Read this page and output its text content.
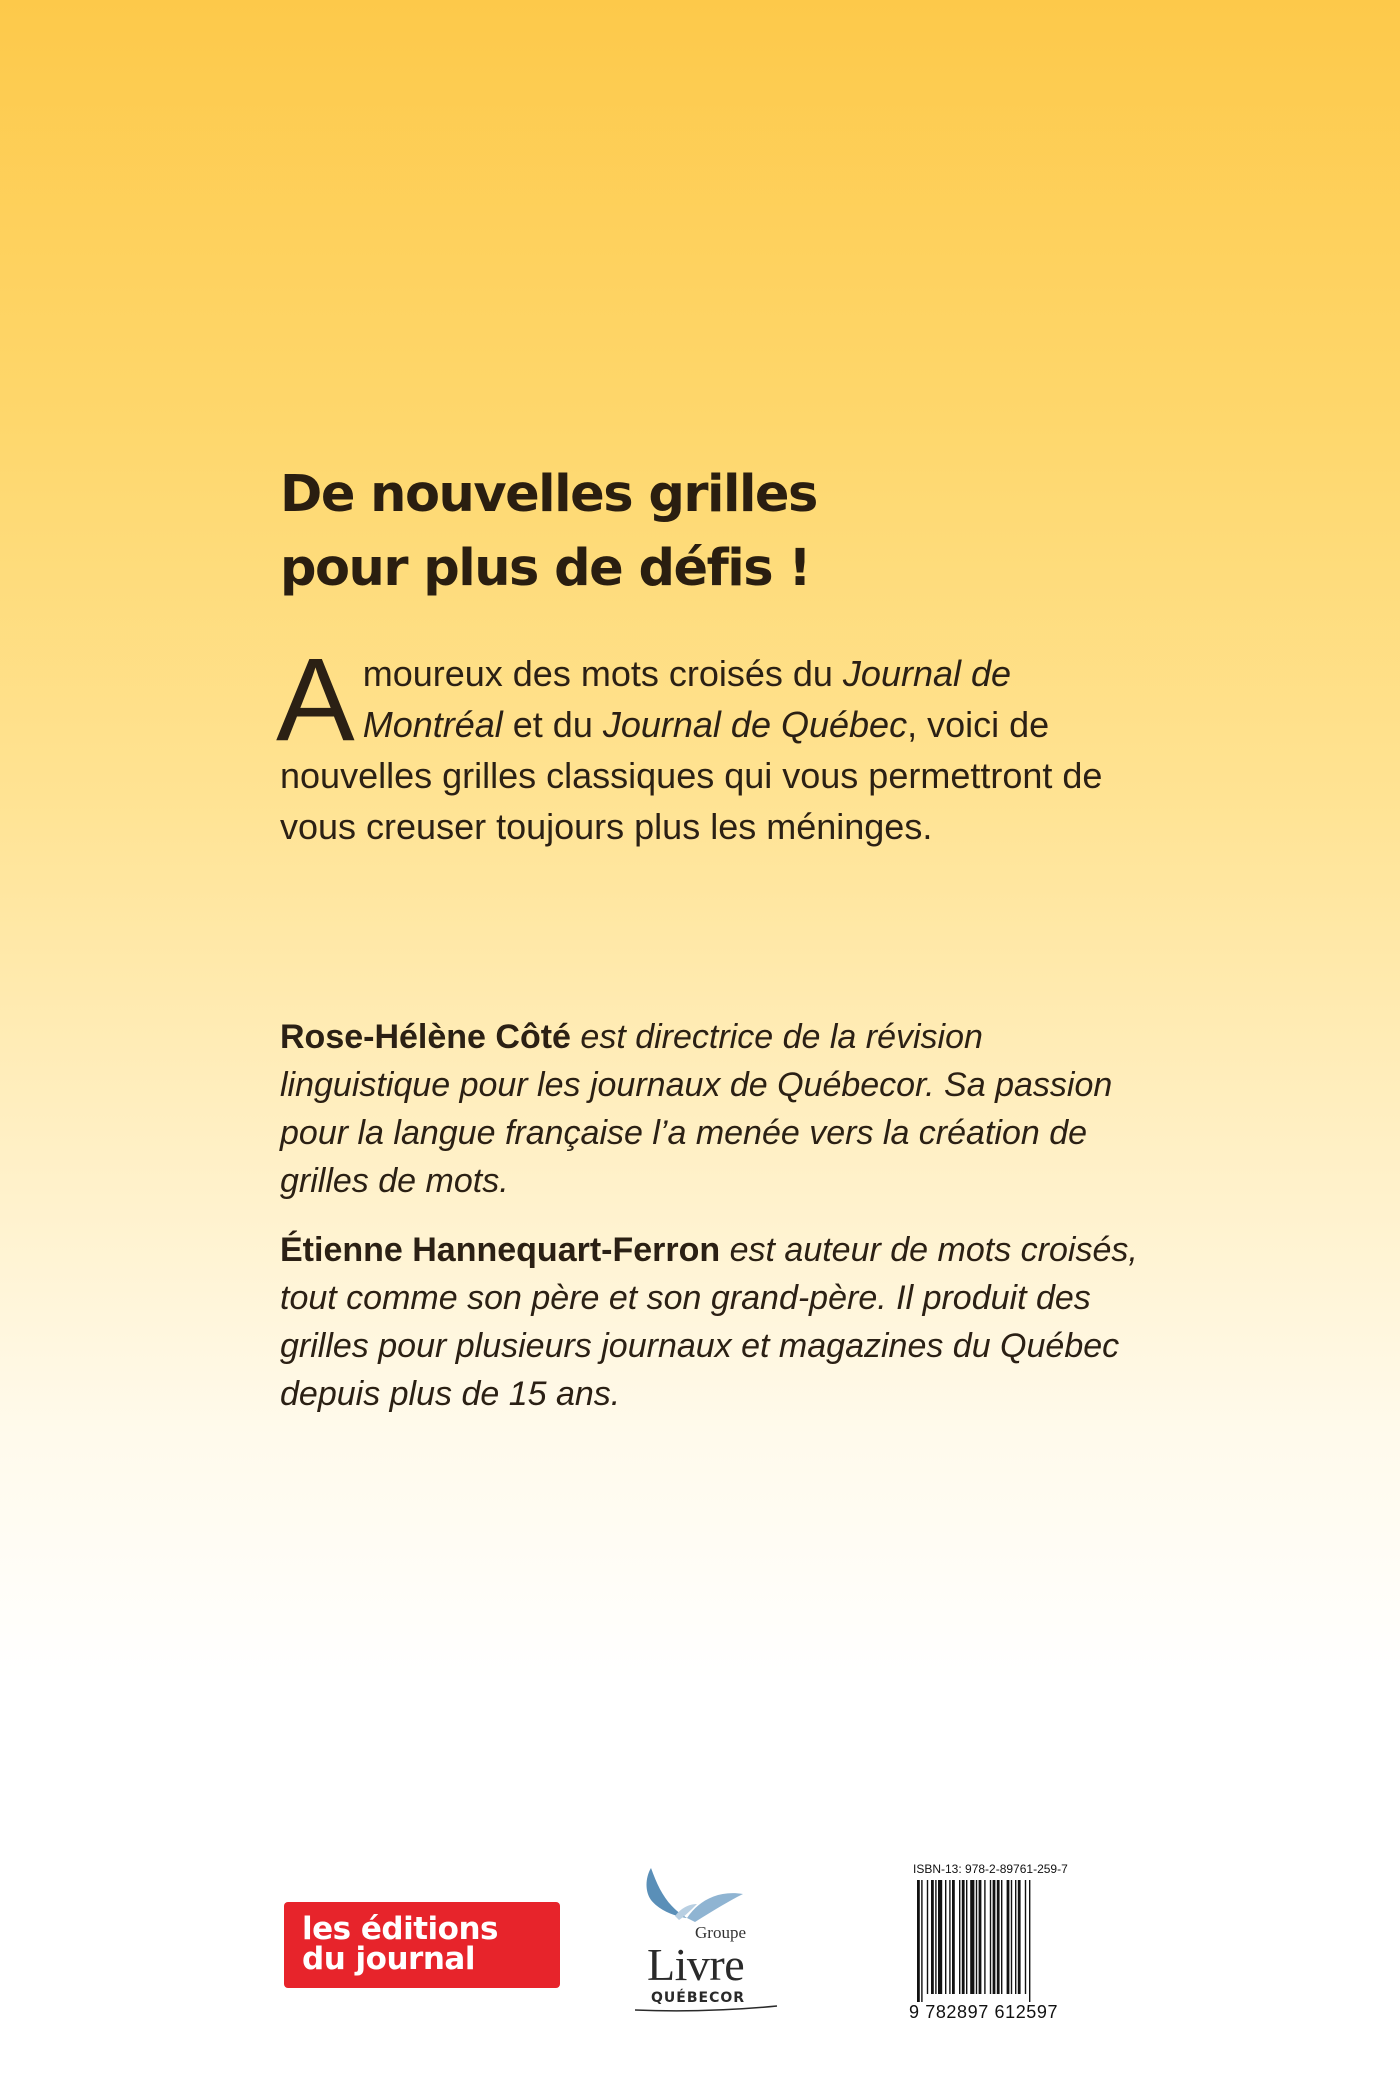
De nouvelles grilles
pour plus de défis !

Amoureux des mots croisés du Journal de Montréal et du Journal de Québec, voici de nouvelles grilles classiques qui vous permettront de vous creuser toujours plus les méninges.

Rose-Hélène Côté est directrice de la révision linguistique pour les journaux de Québecor. Sa passion pour la langue française l’a menée vers la création de grilles de mots.

Étienne Hannequart-Ferron est auteur de mots croisés, tout comme son père et son grand-père. Il produit des grilles pour plusieurs journaux et magazines du Québec depuis plus de 15 ans.

les éditions
du journal
Groupe
Livre
QUÉBECOR
ISBN-13: 978-2-89761-259-7
9 782897 612597
